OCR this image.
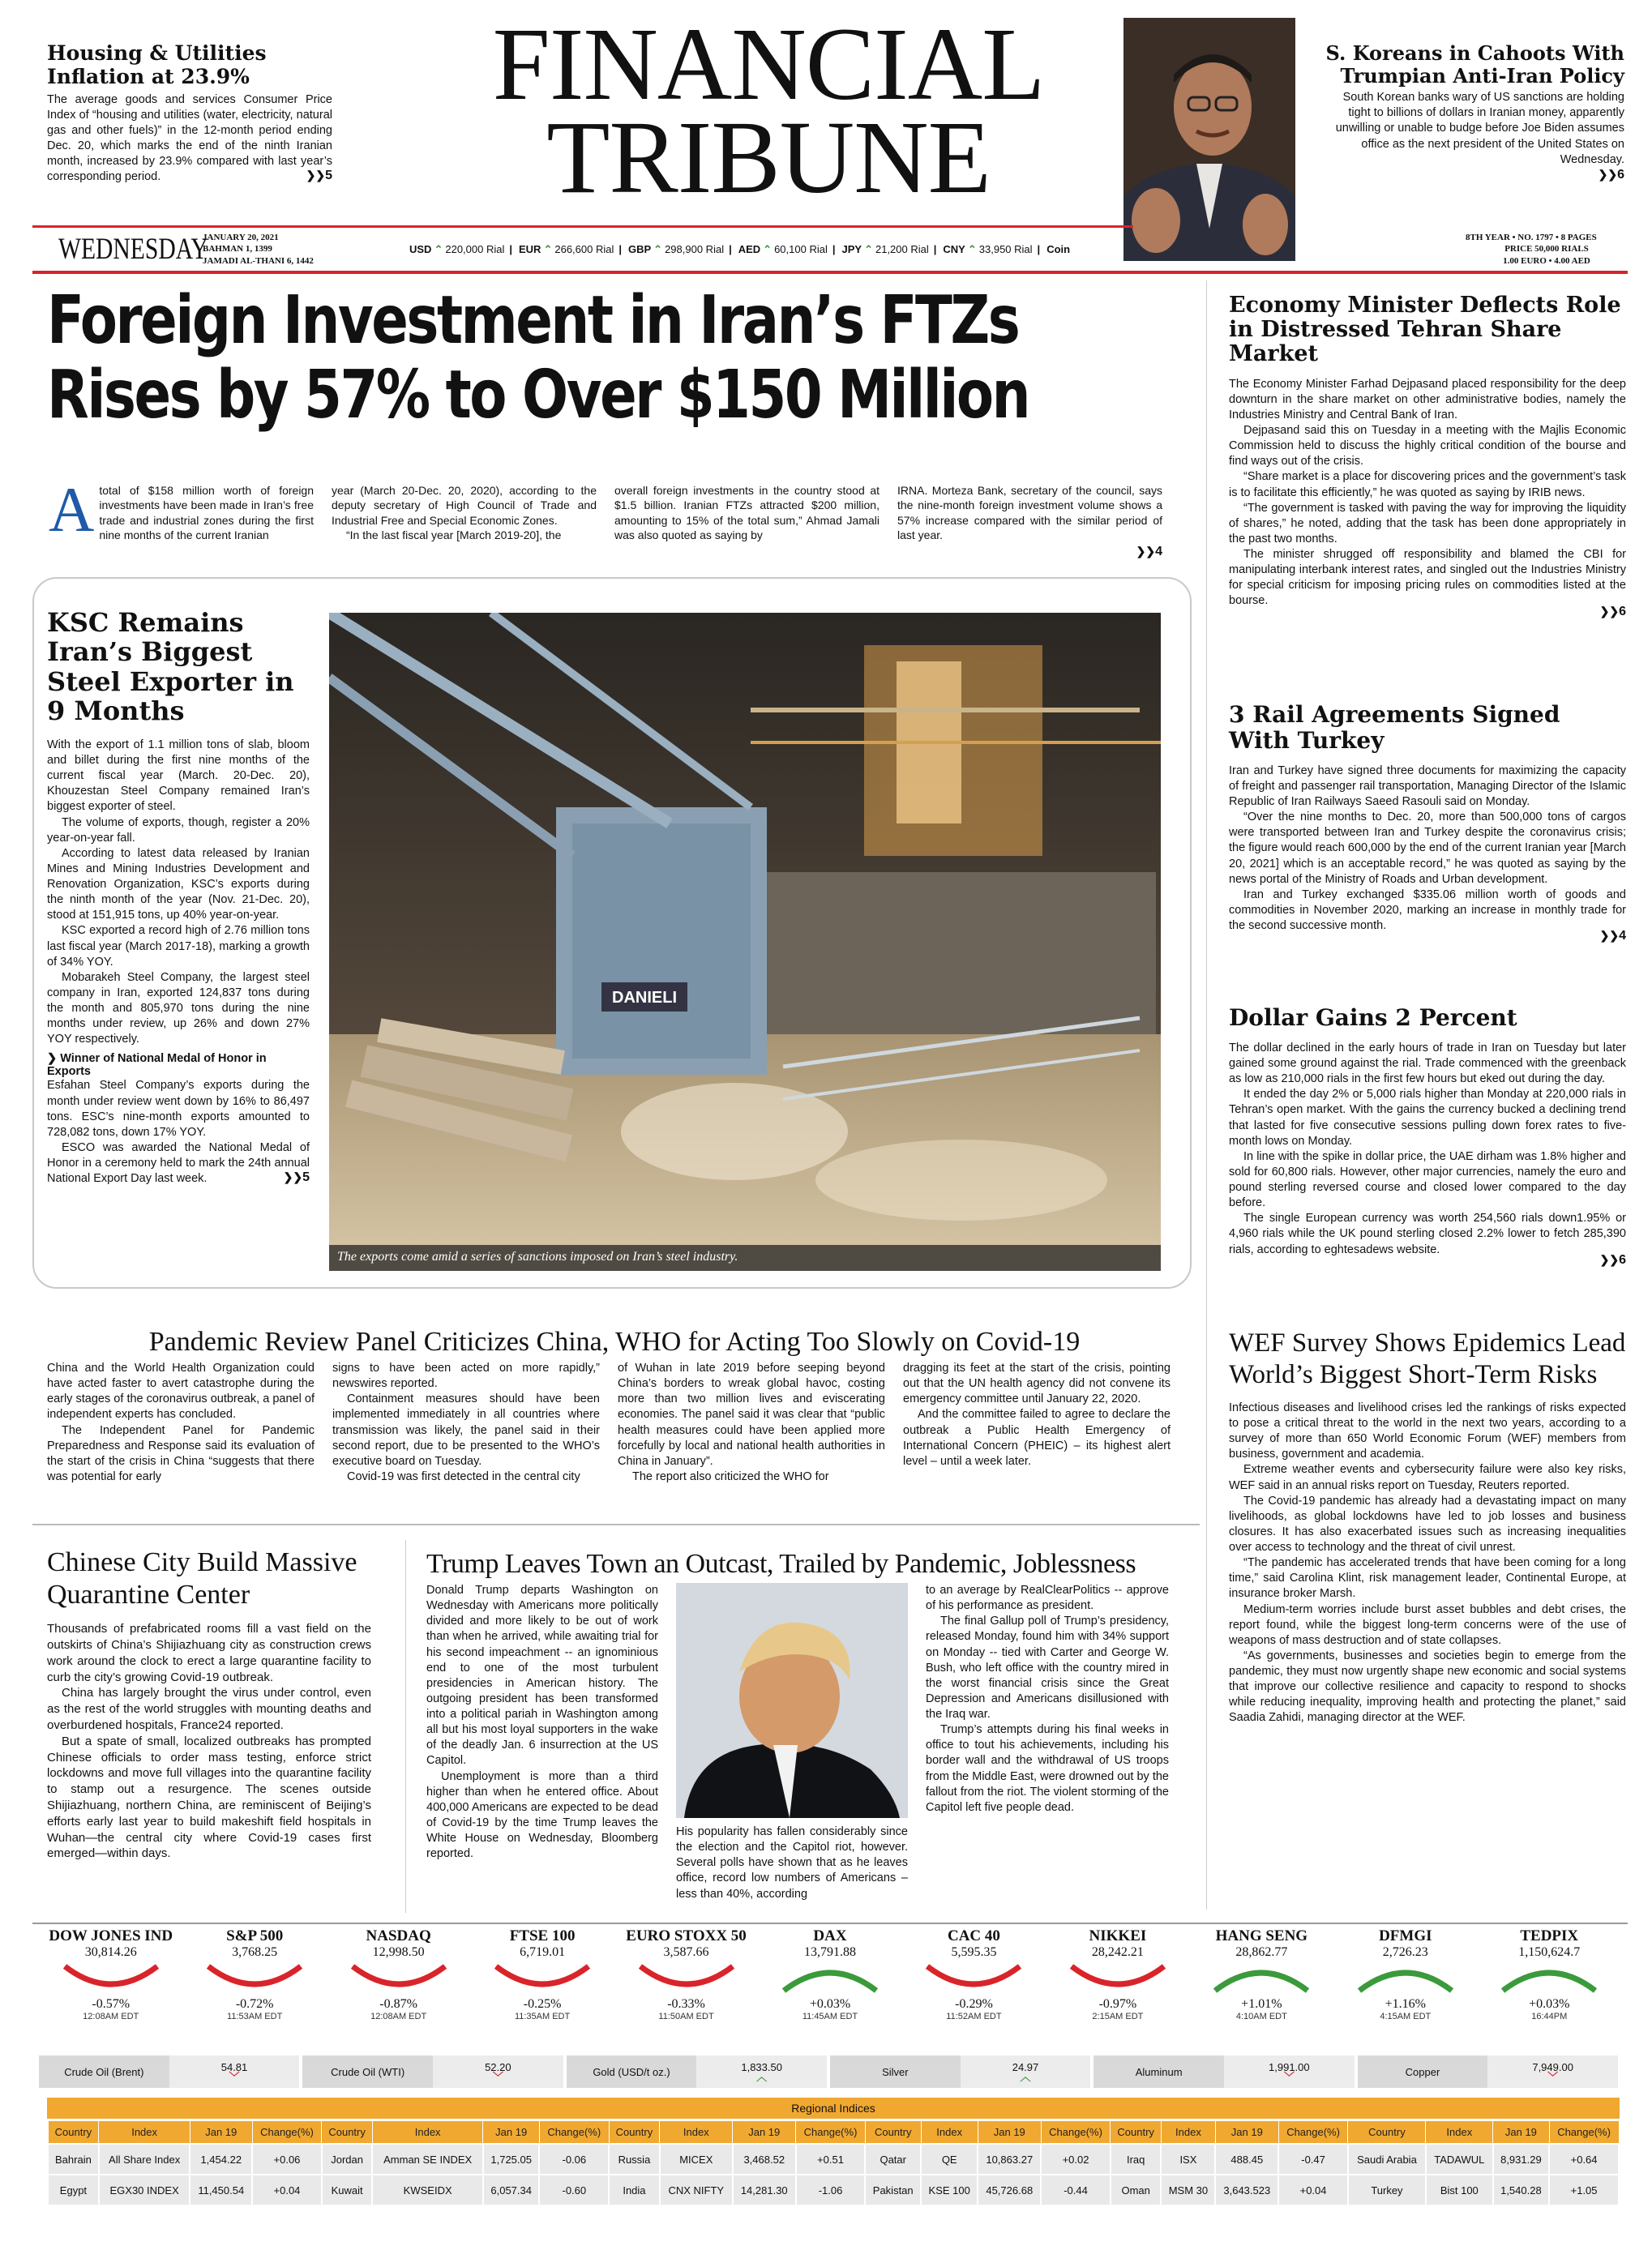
Housing & Utilities Inflation at 23.9%
The average goods and services Consumer Price Index of “housing and utilities (water, electricity, natural gas and other fuels)” in the 12-month period ending Dec. 20, which marks the end of the ninth Iranian month, increased by 23.9% compared with last year’s corresponding period.	❯❯ 5
FINANCIAL
TRIBUNE
S. Koreans in Cahoots With Trumpian Anti-Iran Policy
South Korean banks wary of US sanctions are holding tight to billions of dollars in Iranian money, apparently unwilling or unable to budge before Joe Biden assumes office as the next president of the United States on Wednesday.
❯❯ 6
WEDNESDAY
JANUARY 20, 2021
BAHMAN 1, 1399
JAMADI AL-THANI 6, 1442
USD ⌃ 220,000 Rial | EUR ⌃ 266,600 Rial | GBP ⌃ 298,900 Rial | AED ⌃ 60,100 Rial | JPY ⌃ 21,200 Rial | CNY ⌃ 33,950 Rial | Coin
8TH YEAR • NO. 1797 • 8 PAGES
PRICE 50,000 RIALS
1.00 EURO • 4.00 AED
Foreign Investment in Iran’s FTZs
Rises by 57% to Over $150 Million
A total of $158 million worth of foreign investments have been made in Iran’s free trade and industrial zones during the first nine months of the current Iranian

year (March 20-Dec. 20, 2020), according to the deputy secretary of High Council of Trade and Industrial Free and Special Economic Zones.

“In the last fiscal year [March 2019-20], the

overall foreign investments in the country stood at $1.5 billion. Iranian FTZs attracted $200 million, amounting to 15% of the total sum,” Ahmad Jamali was also quoted as saying by

IRNA. Morteza Bank, secretary of the council, says the nine-month foreign investment volume shows a 57% increase compared with the similar period of last year.

❯❯ 4
KSC Remains Iran’s Biggest Steel Exporter in 9 Months

With the export of 1.1 million tons of slab, bloom and billet during the first nine months of the current fiscal year (March. 20-Dec. 20), Khouzestan Steel Company remained Iran’s biggest exporter of steel.

The volume of exports, though, register a 20% year-on-year fall.

According to latest data released by Iranian Mines and Mining Industries Development and Renovation Organization, KSC’s exports during the ninth month of the year (Nov. 21-Dec. 20), stood at 151,915 tons, up 40% year-on-year.

KSC exported a record high of 2.76 million tons last fiscal year (March 2017-18), marking a growth of 34% YOY.

Mobarakeh Steel Company, the largest steel company in Iran, exported 124,837 tons during the month and 805,970 tons during the nine months under review, up 26% and down 27% YOY respectively.

❯ Winner of National Medal of Honor in Exports

Esfahan Steel Company’s exports during the month under review went down by 16% to 86,497 tons. ESC’s nine-month exports amounted to 728,082 tons, down 17% YOY.

ESCO was awarded the National Medal of Honor in a ceremony held to mark the 24th annual National Export Day last week.	❯❯ 5
DANIELI
The exports come amid a series of sanctions imposed on Iran’s steel industry.
Economy Minister Deflects Role in Distressed Tehran Share Market

The Economy Minister Farhad Dejpasand placed responsibility for the deep downturn in the share market on other administrative bodies, namely the Industries Ministry and Central Bank of Iran.

Dejpasand said this on Tuesday in a meeting with the Majlis Economic Commission held to discuss the highly critical condition of the bourse and find ways out of the crisis.

“Share market is a place for discovering prices and the government’s task is to facilitate this efficiently,” he was quoted as saying by IRIB news.

“The government is tasked with paving the way for improving the liquidity of shares,” he noted, adding that the task has been done appropriately in the past two months.

The minister shrugged off responsibility and blamed the CBI for manipulating interbank interest rates, and singled out the Industries Ministry for special criticism for imposing pricing rules on commodities listed at the bourse.

❯❯ 6
3 Rail Agreements Signed With Turkey

Iran and Turkey have signed three documents for maximizing the capacity of freight and passenger rail transportation, Managing Director of the Islamic Republic of Iran Railways Saeed Rasouli said on Monday.

“Over the nine months to Dec. 20, more than 500,000 tons of cargos were transported between Iran and Turkey despite the coronavirus crisis; the figure would reach 600,000 by the end of the current Iranian year [March 20, 2021] which is an acceptable record,” he was quoted as saying by the news portal of the Ministry of Roads and Urban development.

Iran and Turkey exchanged $335.06 million worth of goods and commodities in November 2020, marking an increase in monthly trade for the second successive month.

❯❯ 4
Dollar Gains 2 Percent

The dollar declined in the early hours of trade in Iran on Tuesday but later gained some ground against the rial. Trade commenced with the greenback as low as 210,000 rials in the first few hours but eked out during the day.

It ended the day 2% or 5,000 rials higher than Monday at 220,000 rials in Tehran’s open market. With the gains the currency bucked a declining trend that lasted for five consecutive sessions pulling down forex rates to five-month lows on Monday.

In line with the spike in dollar price, the UAE dirham was 1.8% higher and sold for 60,800 rials. However, other major currencies, namely the euro and pound sterling reversed course and closed lower compared to the day before.

The single European currency was worth 254,560 rials down1.95% or 4,960 rials while the UK pound sterling closed 2.2% lower to fetch 285,390 rials, according to eghtesadews website.

❯❯ 6
Pandemic Review Panel Criticizes China, WHO for Acting Too Slowly on Covid-19

China and the World Health Organization could have acted faster to avert catastrophe during the early stages of the coronavirus outbreak, a panel of independent experts has concluded.

The Independent Panel for Pandemic Preparedness and Response said its evaluation of the start of the crisis in China “suggests that there was potential for early

signs to have been acted on more rapidly,” newswires reported.

Containment measures should have been implemented immediately in all countries where transmission was likely, the panel said in their second report, due to be presented to the WHO’s executive board on Tuesday.

Covid-19 was first detected in the central city

of Wuhan in late 2019 before seeping beyond China’s borders to wreak global havoc, costing more than two million lives and eviscerating economies. The panel said it was clear that “public health measures could have been applied more forcefully by local and national health authorities in China in January”.

The report also criticized the WHO for

dragging its feet at the start of the crisis, pointing out that the UN health agency did not convene its emergency committee until January 22, 2020.

And the committee failed to agree to declare the outbreak a Public Health Emergency of International Concern (PHEIC) – its highest alert level – until a week later.

WEF Survey Shows Epidemics Lead World’s Biggest Short-Term Risks

Infectious diseases and livelihood crises led the rankings of risks expected to pose a critical threat to the world in the next two years, according to a survey of more than 650 World Economic Forum (WEF) members from business, government and academia.

Extreme weather events and cybersecurity failure were also key risks, WEF said in an annual risks report on Tuesday, Reuters reported.

The Covid-19 pandemic has already had a devastating impact on many livelihoods, as global lockdowns have led to job losses and business closures. It has also exacerbated issues such as increasing inequalities over access to technology and the threat of civil unrest.

“The pandemic has accelerated trends that have been coming for a long time,” said Carolina Klint, risk management leader, Continental Europe, at insurance broker Marsh.

Medium-term worries include burst asset bubbles and debt crises, the report found, while the biggest long-term concerns were of the use of weapons of mass destruction and of state collapses.

“As governments, businesses and societies begin to emerge from the pandemic, they must now urgently shape new economic and social systems that improve our collective resilience and capacity to respond to shocks while reducing inequality, improving health and protecting the planet,” said Saadia Zahidi, managing director at the WEF.

Chinese City Build Massive Quarantine Center

Thousands of prefabricated rooms fill a vast field on the outskirts of China’s Shijiazhuang city as construction crews work around the clock to erect a large quarantine facility to curb the city’s growing Covid-19 outbreak.

China has largely brought the virus under control, even as the rest of the world struggles with mounting deaths and overburdened hospitals, France24 reported.

But a spate of small, localized outbreaks has prompted Chinese officials to order mass testing, enforce strict lockdowns and move full villages into the quarantine facility to stamp out a resurgence. The scenes outside Shijiazhuang, northern China, are reminiscent of Beijing’s efforts early last year to build makeshift field hospitals in Wuhan—the central city where Covid-19 cases first emerged—within days.

Trump Leaves Town an Outcast, Trailed by Pandemic, Joblessness

Donald Trump departs Washington on Wednesday with Americans more politically divided and more likely to be out of work than when he arrived, while awaiting trial for his second impeachment -- an ignominious end to one of the most turbulent presidencies in American history. The outgoing president has been transformed into a political pariah in Washington among all but his most loyal supporters in the wake of the deadly Jan. 6 insurrection at the US Capitol.

Unemployment is more than a third higher than when he entered office. About 400,000 Americans are expected to be dead of Covid-19 by the time Trump leaves the White House on Wednesday, Bloomberg reported.

His popularity has fallen considerably since the election and the Capitol riot, however. Several polls have shown that as he leaves office, record low numbers of Americans – less than 40%, according

to an average by RealClearPolitics -- approve of his performance as president.

The final Gallup poll of Trump’s presidency, released Monday, found him with 34% support on Monday -- tied with Carter and George W. Bush, who left office with the country mired in the worst financial crisis since the Great Depression and Americans disillusioned with the Iraq war.

Trump’s attempts during his final weeks in office to tout his achievements, including his border wall and the withdrawal of US troops from the Middle East, were drowned out by the fallout from the riot. The violent storming of the Capitol left five people dead.

DOW JONES IND
30,814.26
-0.57%
12:08AM EDT
S&P 500
3,768.25
-0.72%
11:53AM EDT
NASDAQ
12,998.50
-0.87%
12:08AM EDT
FTSE 100
6,719.01
-0.25%
11:35AM EDT
EURO STOXX 50
3,587.66
-0.33%
11:50AM EDT
DAX
13,791.88
+0.03%
11:45AM EDT
CAC 40
5,595.35
-0.29%
11:52AM EDT
NIKKEI
28,242.21
-0.97%
2:15AM EDT
HANG SENG
28,862.77
+1.01%
4:10AM EDT
DFMGI
2,726.23
+1.16%
4:15AM EDT
TEDPIX
1,150,624.7
+0.03%
16:44PM
Crude Oil (Brent)	54.81
﹀	Crude Oil (WTI)	52.20
﹀	Gold (USD/t oz.)	1,833.50
︿	Silver	24.97
︿	Aluminum	1,991.00
﹀	Copper	7,949.00
﹀
Regional Indices
Country	Index	Jan 19	Change(%)	Country	Index	Jan 19	Change(%)	Country	Index	Jan 19	Change(%)	Country	Index	Jan 19	Change(%)	Country	Index	Jan 19	Change(%)	Country	Index	Jan 19	Change(%)
Bahrain	All Share Index	1,454.22	+0.06	Jordan	Amman SE INDEX	1,725.05	-0.06	Russia	MICEX	3,468.52	+0.51	Qatar	QE	10,863.27	+0.02	Iraq	ISX	488.45	-0.47	Saudi Arabia	TADAWUL	8,931.29	+0.64
Egypt	EGX30 INDEX	11,450.54	+0.04	Kuwait	KWSEIDX	6,057.34	-0.60	India	CNX NIFTY	14,281.30	-1.06	Pakistan	KSE 100	45,726.68	-0.44	Oman	MSM 30	3,643.523	+0.04	Turkey	Bist 100	1,540.28	+1.05
